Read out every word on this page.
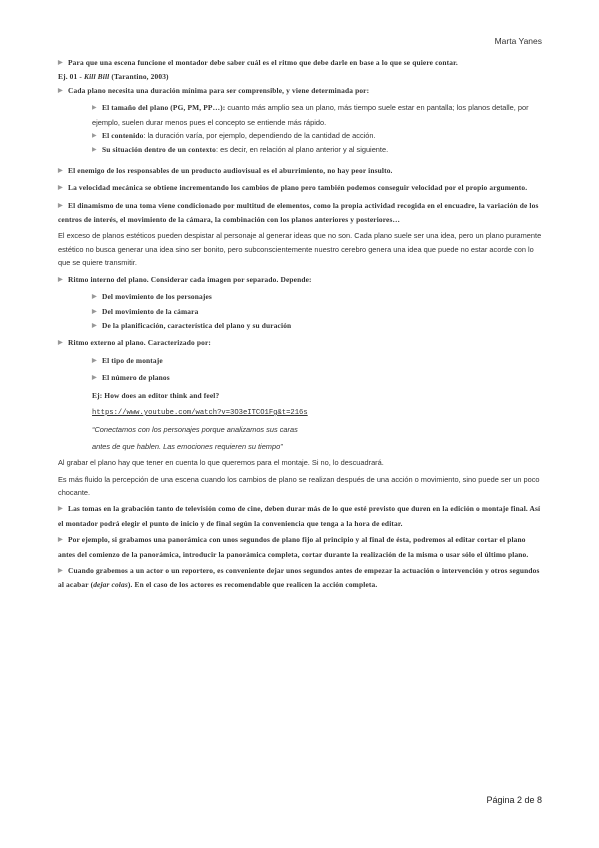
Marta Yanes

▶ Para que una escena funcione el montador debe saber cuál es el ritmo que debe darle en base a lo que se quiere contar.
Ej. 01 - Kill Bill (Tarantino, 2003)

▶ Cada plano necesita una duración mínima para ser comprensible, y viene determinada por:

▶ El tamaño del plano (PG, PM, PP…): cuanto más amplio sea un plano, más tiempo suele estar en pantalla; los planos detalle, por ejemplo, suelen durar menos pues el concepto se entiende más rápido.

▶ El contenido: la duración varía, por ejemplo, dependiendo de la cantidad de acción.

▶ Su situación dentro de un contexto: es decir, en relación al plano anterior y al siguiente.

▶ El enemigo de los responsables de un producto audiovisual es el aburrimiento, no hay peor insulto.

▶ La velocidad mecánica se obtiene incrementando los cambios de plano pero también podemos conseguir velocidad por el propio argumento.

▶ El dinamismo de una toma viene condicionado por multitud de elementos, como la propia actividad recogida en el encuadre, la variación de los centros de interés, el movimiento de la cámara, la combinación con los planos anteriores y posteriores…

El exceso de planos estéticos pueden despistar al personaje al generar ideas que no son. Cada plano suele ser una idea, pero un plano puramente estético no busca generar una idea sino ser bonito, pero subconscientemente nuestro cerebro genera una idea que puede no estar acorde con lo que se quiere transmitir.

▶ Ritmo interno del plano. Considerar cada imagen por separado. Depende:

▶ Del movimiento de los personajes

▶ Del movimiento de la cámara

▶ De la planificación, característica del plano y su duración

▶ Ritmo externo al plano. Caracterizado por:

▶ El tipo de montaje

▶ El número de planos

Ej: How does an editor think and feel?

https://www.youtube.com/watch?v=3O3eITCO1Fg&t=216s

“Conectamos con los personajes porque analizamos sus caras

antes de que hablen. Las emociones requieren su tiempo”

Al grabar el plano hay que tener en cuenta lo que queremos para el montaje. Si no, lo descuadrará.

Es más fluido la percepción de una escena cuando los cambios de plano se realizan después de una acción o movimiento, sino puede ser un poco chocante.

▶ Las tomas en la grabación tanto de televisión como de cine, deben durar más de lo que esté previsto que duren en la edición o montaje final. Así el montador podrá elegir el punto de inicio y de final según la conveniencia que tenga a la hora de editar.

▶ Por ejemplo, si grabamos una panorámica con unos segundos de plano fijo al principio y al final de ésta, podremos al editar cortar el plano antes del comienzo de la panorámica, introducir la panorámica completa, cortar durante la realización de la misma o usar sólo el último plano.

▶ Cuando grabemos a un actor o un reportero, es conveniente dejar unos segundos antes de empezar la actuación o intervención y otros segundos al acabar (dejar colas). En el caso de los actores es recomendable que realicen la acción completa.

Página 2 de 8
